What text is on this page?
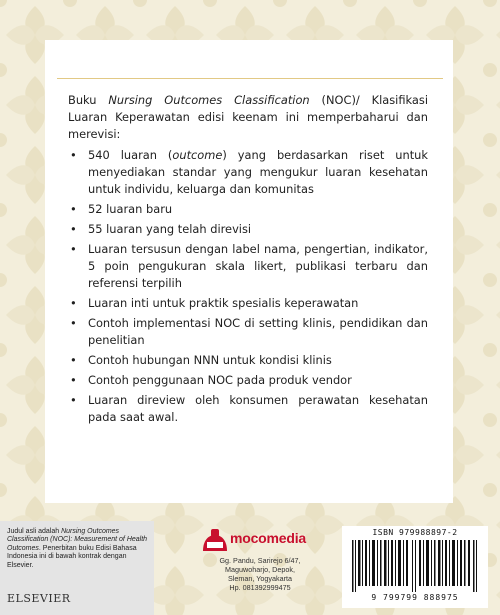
Buku Nursing Outcomes Classification (NOC)/ Klasifikasi Luaran Keperawatan edisi keenam ini memperbaharui dan merevisi:

• 540 luaran (outcome) yang berdasarkan riset untuk menyediakan standar yang mengukur luaran kesehatan untuk individu, keluarga dan komunitas
• 52 luaran baru
• 55 luaran yang telah direvisi
• Luaran tersusun dengan label nama, pengertian, indikator, 5 poin pengukuran skala likert, publikasi terbaru dan referensi terpilih
• Luaran inti untuk praktik spesialis keperawatan
• Contoh implementasi NOC di setting klinis, pendidikan dan penelitian
• Contoh hubungan NNN untuk kondisi klinis
• Contoh penggunaan NOC pada produk vendor
• Luaran direview oleh konsumen perawatan kesehatan pada saat awal.
Judul asli adalah Nursing Outcomes Classification (NOC): Measurement of Health Outcomes. Penerbitan buku Edisi Bahasa Indonesia ini di bawah kontrak dengan Elsevier.
ELSEVIER
mocomedia
Gg. Pandu, Sarirejo 6/47,
Maguwoharjo, Depok,
Sleman, Yogyakarta
Hp. 081392999475
ISBN 979988897-2
9 799799 888975
